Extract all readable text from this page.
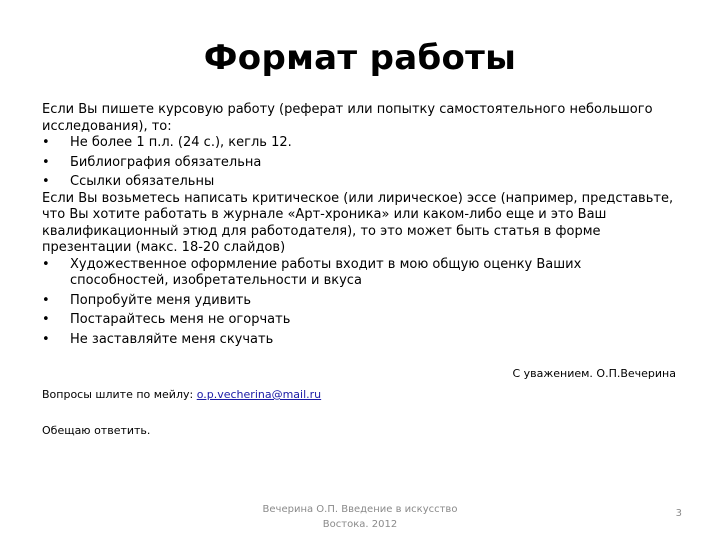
Формат работы

Если Вы пишете курсовую работу (реферат или попытку самостоятельного небольшого исследования), то:

•	Не более 1 п.л. (24 с.), кегль 12.
•	Библиография обязательна
•	Ссылки обязательны

Если Вы возьметесь написать критическое (или лирическое) эссе (например, представьте, что Вы хотите работать в журнале «Арт-хроника» или каком-либо еще и это Ваш квалификационный этюд для работодателя), то это может быть статья в форме презентации (макс. 18-20 слайдов)

•	Художественное оформление работы входит в мою общую оценку Ваших способностей, изобретательности и вкуса
•	Попробуйте меня удивить
•	Постарайтесь меня не огорчать
•	Не заставляйте меня скучать
С уважением. О.П.Вечерина
Вопросы шлите по мейлу: o.p.vecherina@mail.ru
Обещаю ответить.
Вечерина О.П. Введение в искусство
Востока. 2012
3
